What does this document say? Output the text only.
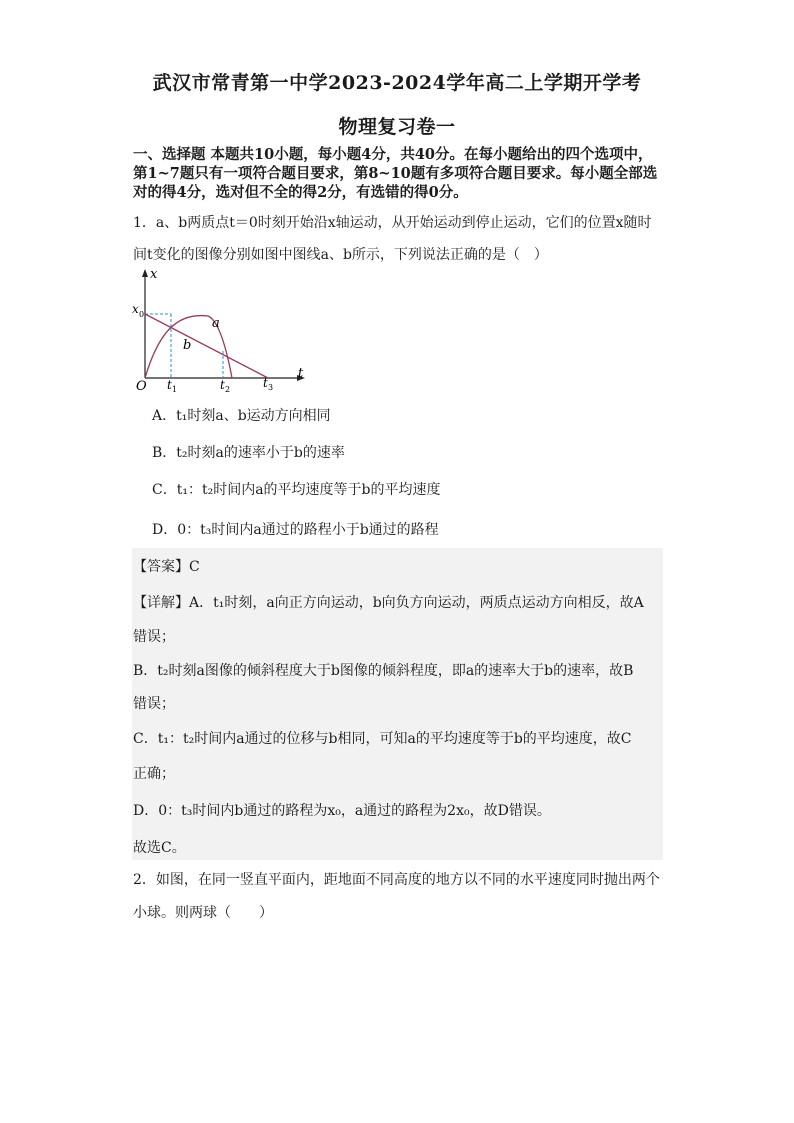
武汉市常青第一中学2023-2024学年高二上学期开学考
物理复习卷一
一、选择题 本题共10小题，每小题4分，共40分。在每小题给出的四个选项中，第1~7题只有一项符合题目要求，第8~10题有多项符合题目要求。每小题全部选对的得4分，选对但不全的得2分，有选错的得0分。
1．a、b两质点t＝0时刻开始沿x轴运动，从开始运动到停止运动，它们的位置x随时
间t变化的图像分别如图中图线a、b所示，下列说法正确的是（　）
x
t
O
x 0
t 1	t 2	t 3
a
b
A．t₁时刻a、b运动方向相同
B．t₂时刻a的速率小于b的速率
C．t₁：t₂时间内a的平均速度等于b的平均速度
D．0：t₃时间内a通过的路程小于b通过的路程
【答案】C
【详解】A．t₁时刻，a向正方向运动，b向负方向运动，两质点运动方向相反，故A
错误；
B．t₂时刻a图像的倾斜程度大于b图像的倾斜程度，即a的速率大于b的速率，故B
错误；
C．t₁：t₂时间内a通过的位移与b相同，可知a的平均速度等于b的平均速度，故C
正确；
D．0：t₃时间内b通过的路程为x₀，a通过的路程为2x₀，故D错误。
故选C。
2．如图，在同一竖直平面内，距地面不同高度的地方以不同的水平速度同时抛出两个
小球。则两球（　　）
